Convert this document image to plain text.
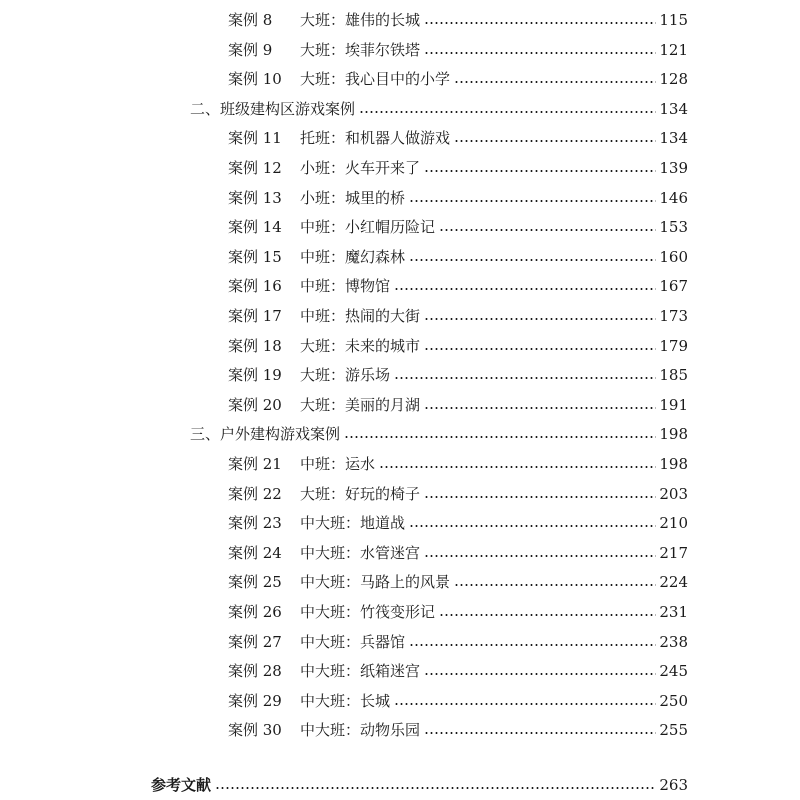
案例 8	大班：雄伟的长城	115
案例 9	大班：埃菲尔铁塔	121
案例 10	大班：我心目中的小学	128
二、班级建构区游戏案例	134
案例 11	托班：和机器人做游戏	134
案例 12	小班：火车开来了	139
案例 13	小班：城里的桥	146
案例 14	中班：小红帽历险记	153
案例 15	中班：魔幻森林	160
案例 16	中班：博物馆	167
案例 17	中班：热闹的大街	173
案例 18	大班：未来的城市	179
案例 19	大班：游乐场	185
案例 20	大班：美丽的月湖	191
三、户外建构游戏案例	198
案例 21	中班：运水	198
案例 22	大班：好玩的椅子	203
案例 23	中大班：地道战	210
案例 24	中大班：水管迷宫	217
案例 25	中大班：马路上的风景	224
案例 26	中大班：竹筏变形记	231
案例 27	中大班：兵器馆	238
案例 28	中大班：纸箱迷宫	245
案例 29	中大班：长城	250
案例 30	中大班：动物乐园	255
参考文献	263
